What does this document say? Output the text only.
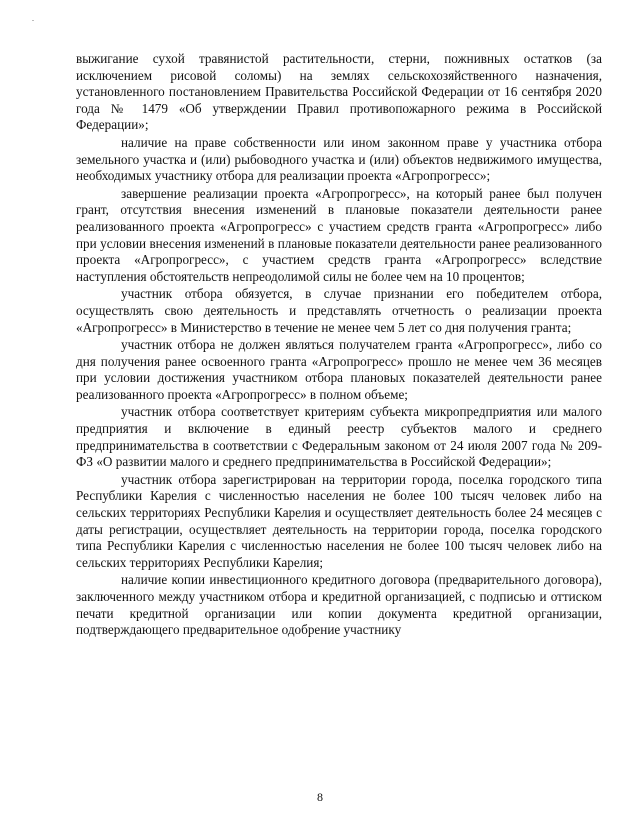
выжигание сухой травянистой растительности, стерни, пожнивных остатков (за исключением рисовой соломы) на землях сельскохозяйственного назначения, установленного постановлением Правительства Российской Федерации от 16 сентября 2020 года № 1479 «Об утверждении Правил противопожарного режима в Российской Федерации»;

наличие на праве собственности или ином законном праве у участника отбора земельного участка и (или) рыбоводного участка и (или) объектов недвижимого имущества, необходимых участнику отбора для реализации проекта «Агропрогресс»;

завершение реализации проекта «Агропрогресс», на который ранее был получен грант, отсутствия внесения изменений в плановые показатели деятельности ранее реализованного проекта «Агропрогресс» с участием средств гранта «Агропрогресс» либо при условии внесения изменений в плановые показатели деятельности ранее реализованного проекта «Агропрогресс», с участием средств гранта «Агропрогресс» вследствие наступления обстоятельств непреодолимой силы не более чем на 10 процентов;

участник отбора обязуется, в случае признании его победителем отбора, осуществлять свою деятельность и представлять отчетность о реализации проекта «Агропрогресс» в Министерство в течение не менее чем 5 лет со дня получения гранта;

участник отбора не должен являться получателем гранта «Агропрогресс», либо со дня получения ранее освоенного гранта «Агропрогресс» прошло не менее чем 36 месяцев при условии достижения участником отбора плановых показателей деятельности ранее реализованного проекта «Агропрогресс» в полном объеме;

участник отбора соответствует критериям субъекта микропредприятия или малого предприятия и включение в единый реестр субъектов малого и среднего предпринимательства в соответствии с Федеральным законом от 24 июля 2007 года № 209-ФЗ «О развитии малого и среднего предпринимательства в Российской Федерации»;

участник отбора зарегистрирован на территории города, поселка городского типа Республики Карелия с численностью населения не более 100 тысяч человек либо на сельских территориях Республики Карелия и осуществляет деятельность более 24 месяцев с даты регистрации, осуществляет деятельность на территории города, поселка городского типа Республики Карелия с численностью населения не более 100 тысяч человек либо на сельских территориях Республики Карелия;

наличие копии инвестиционного кредитного договора (предварительного договора), заключенного между участником отбора и кредитной организацией, с подписью и оттиском печати кредитной организации или копии документа кредитной организации, подтверждающего предварительное одобрение участнику

8
